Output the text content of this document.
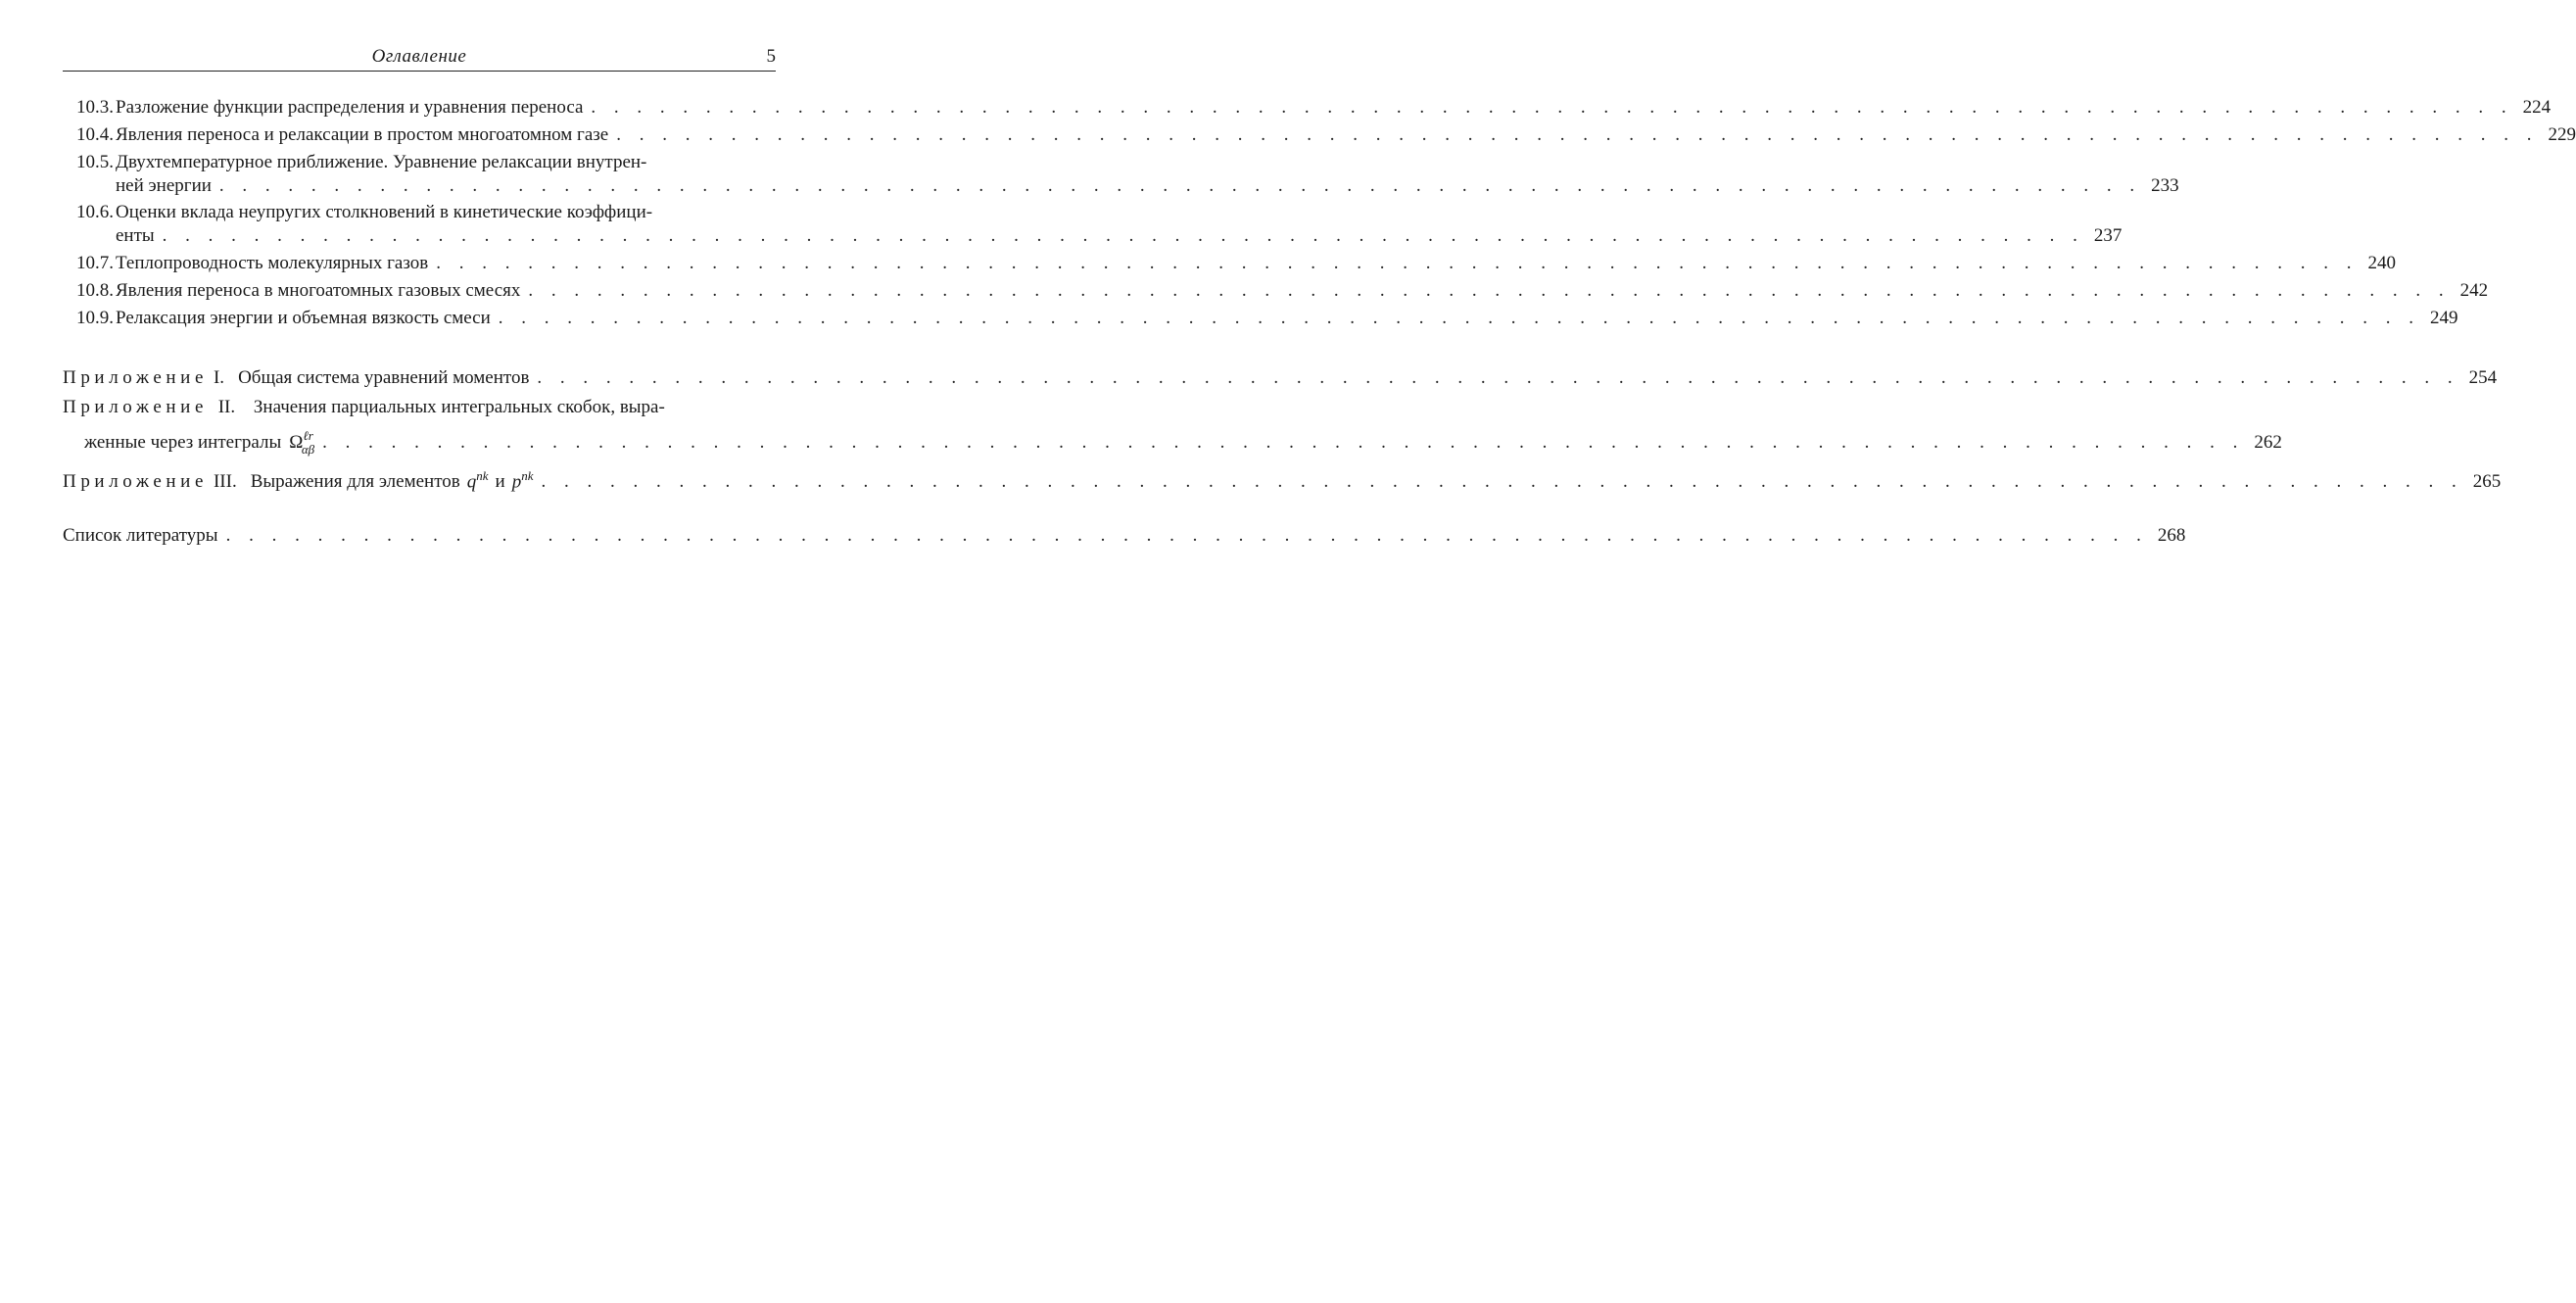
Оглавление	5
10.3. Разложение функции распределения и уравнения переноса . . . . . . . . . . . . . . . . . . . . . . . . . . . . . . . . . . . . . . . . . . . . . . . . . . . . . . . . . . . . . . . . . . . . . . . . . . . . . . . . . . . . 224
10.4. Явления переноса и релаксации в простом многоатомном газе . . . . . . . . . . . . . . . . . . . . . . . . . . . . . . . . . . . . . . . . . . . . . . . . . . . . . . . . . . . . . . . . . . . . . . . . . . . . . . . . . . . . 229
10.5. Двухтемпературное приближение. Уравнение релаксации внутрен-
ней энергии . . . . . . . . . . . . . . . . . . . . . . . . . . . . . . . . . . . . . . . . . . . . . . . . . . . . . . . . . . . . . . . . . . . . . . . . . . . . . . . . . . . . 233
10.6. Оценки вклада неупругих столкновений в кинетические коэффици-
енты . . . . . . . . . . . . . . . . . . . . . . . . . . . . . . . . . . . . . . . . . . . . . . . . . . . . . . . . . . . . . . . . . . . . . . . . . . . . . . . . . . . . 237
10.7. Теплопроводность молекулярных газов . . . . . . . . . . . . . . . . . . . . . . . . . . . . . . . . . . . . . . . . . . . . . . . . . . . . . . . . . . . . . . . . . . . . . . . . . . . . . . . . . . . . 240
10.8. Явления переноса в многоатомных газовых смесях . . . . . . . . . . . . . . . . . . . . . . . . . . . . . . . . . . . . . . . . . . . . . . . . . . . . . . . . . . . . . . . . . . . . . . . . . . . . . . . . . . . . 242
10.9. Релаксация энергии и объемная вязкость смеси . . . . . . . . . . . . . . . . . . . . . . . . . . . . . . . . . . . . . . . . . . . . . . . . . . . . . . . . . . . . . . . . . . . . . . . . . . . . . . . . . . . . 249
Приложение I. Общая система уравнений моментов . . . . . . . . . . . . . . . . . . . . . . . . . . . . . . . . . . . . . . . . . . . . . . . . . . . . . . . . . . . . . . . . . . . . . . . . . . . . . . . . . . . . 254
Приложение II. Значения парциальных интегральных скобок, выра-
женные через интегралы $\Omega^{\ell r}_{\alpha\beta}$ . . . . . . . . . . . . . . . . . . . . . . . . . . . . . . . . . . . . . . . . . . . . . . . . . . . . . . . . . . . . . . . . . . . . . . . . . . . . . . . . . . . . 262
Приложение III. Выражения для элементов $q^{nk}$ и $p^{nk}$ . . . . . . . . . . . . . . . . . . . . . . . . . . . . . . . . . . . . . . . . . . . . . . . . . . . . . . . . . . . . . . . . . . . . . . . . . . . . . . . . . . . . 265
Список литературы . . . . . . . . . . . . . . . . . . . . . . . . . . . . . . . . . . . . . . . . . . . . . . . . . . . . . . . . . . . . . . . . . . . . . . . . . . . . . . . . . . . . 268
